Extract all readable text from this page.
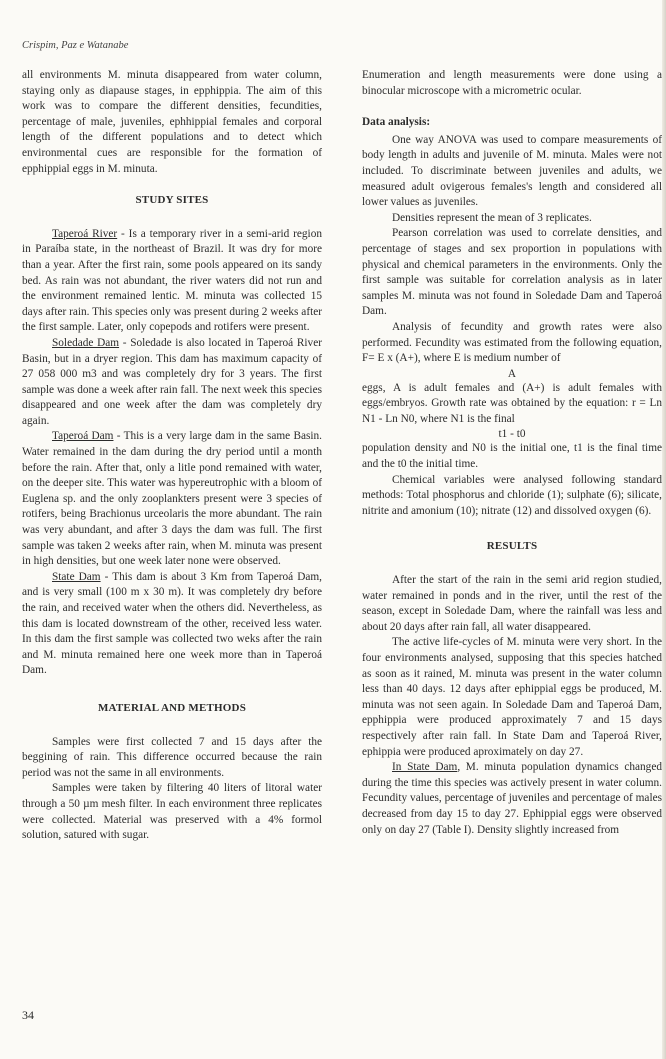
Crispim, Paz e Watanabe

all environments M. minuta disappeared from water column, staying only as diapause stages, in epphippia. The aim of this work was to compare the different densities, fecundities, percentage of male, juveniles, ephhippial females and corporal length of the different populations and to detect which environmental cues are responsible for the formation of epphippial eggs in M. minuta.

STUDY SITES

Taperoá River - Is a temporary river in a semi-arid region in Paraíba state, in the northeast of Brazil. It was dry for more than a year. After the first rain, some pools appeared on its sandy bed. As rain was not abundant, the river waters did not run and the environment remained lentic. M. minuta was collected 15 days after rain. This species only was present during 2 weeks after the first sample. Later, only copepods and rotifers were present.

Soledade Dam - Soledade is also located in Taperoá River Basin, but in a dryer region. This dam has maximum capacity of 27 058 000 m3 and was completely dry for 3 years. The first sample was done a week after rain fall. The next week this species disappeared and one week after the dam was completely dry again.

Taperoá Dam - This is a very large dam in the same Basin. Water remained in the dam during the dry period until a month before the rain. After that, only a litle pond remained with water, on the deeper site. This water was hypereutrophic with a bloom of Euglena sp. and the only zooplankters present were 3 species of rotifers, being Brachionus urceolaris the more abundant. The rain was very abundant, and after 3 days the dam was full. The first sample was taken 2 weeks after rain, when M. minuta was present in high densities, but one week later none were observed.

State Dam - This dam is about 3 Km from Taperoá Dam, and is very small (100 m x 30 m). It was completely dry before the rain, and received water when the others did. Nevertheless, as this dam is located downstream of the other, received less water. In this dam the first sample was collected two weks after the rain and M. minuta remained here one week more than in Taperoá Dam.

MATERIAL AND METHODS

Samples were first collected 7 and 15 days after the beggining of rain. This difference occurred because the rain period was not the same in all environments.

Samples were taken by filtering 40 liters of litoral water through a 50 µm mesh filter. In each environment three replicates were collected. Material was preserved with a 4% formol solution, satured with sugar.

Enumeration and length measurements were done using a binocular microscope with a micrometric ocular.

Data analysis:

One way ANOVA was used to compare measurements of body length in adults and juvenile of M. minuta. Males were not included. To discriminate between juveniles and adults, we measured adult ovigerous females's length and considered all lower values as juveniles.

Densities represent the mean of 3 replicates.

Pearson correlation was used to correlate densities, and percentage of stages and sex proportion in populations with physical and chemical parameters in the environments. Only the first sample was suitable for correlation analysis as in later samples M. minuta was not found in Soledade Dam and Taperoá Dam.

Analysis of fecundity and growth rates were also performed. Fecundity was estimated from the following equation, F= E x (A+), where E is medium number of

A

eggs, A is adult females and (A+) is adult females with eggs/embryos. Growth rate was obtained by the equation: r = Ln N1 - Ln N0, where N1 is the final

t1 - t0

population density and N0 is the initial one, t1 is the final time and the t0 the initial time.

Chemical variables were analysed following standard methods: Total phosphorus and chloride (1); sulphate (6); silicate, nitrite and amonium (10); nitrate (12) and dissolved oxygen (6).

RESULTS

After the start of the rain in the semi arid region studied, water remained in ponds and in the river, until the rest of the season, except in Soledade Dam, where the rainfall was less and about 20 days after rain fall, all water disappeared.

The active life-cycles of M. minuta were very short. In the four environments analysed, supposing that this species hatched as soon as it rained, M. minuta was present in the water column less than 40 days. 12 days after ephippial eggs be produced, M. minuta was not seen again. In Soledade Dam and Taperoá Dam, epphippia were produced approximately 7 and 15 days respectively after rain fall. In State Dam and Taperoá River, ephippia were produced aproximately on day 27.

In State Dam, M. minuta population dynamics changed during the time this species was actively present in water column. Fecundity values, percentage of juveniles and percentage of males decreased from day 15 to day 27. Ephippial eggs were observed only on day 27 (Table I). Density slightly increased from

34
